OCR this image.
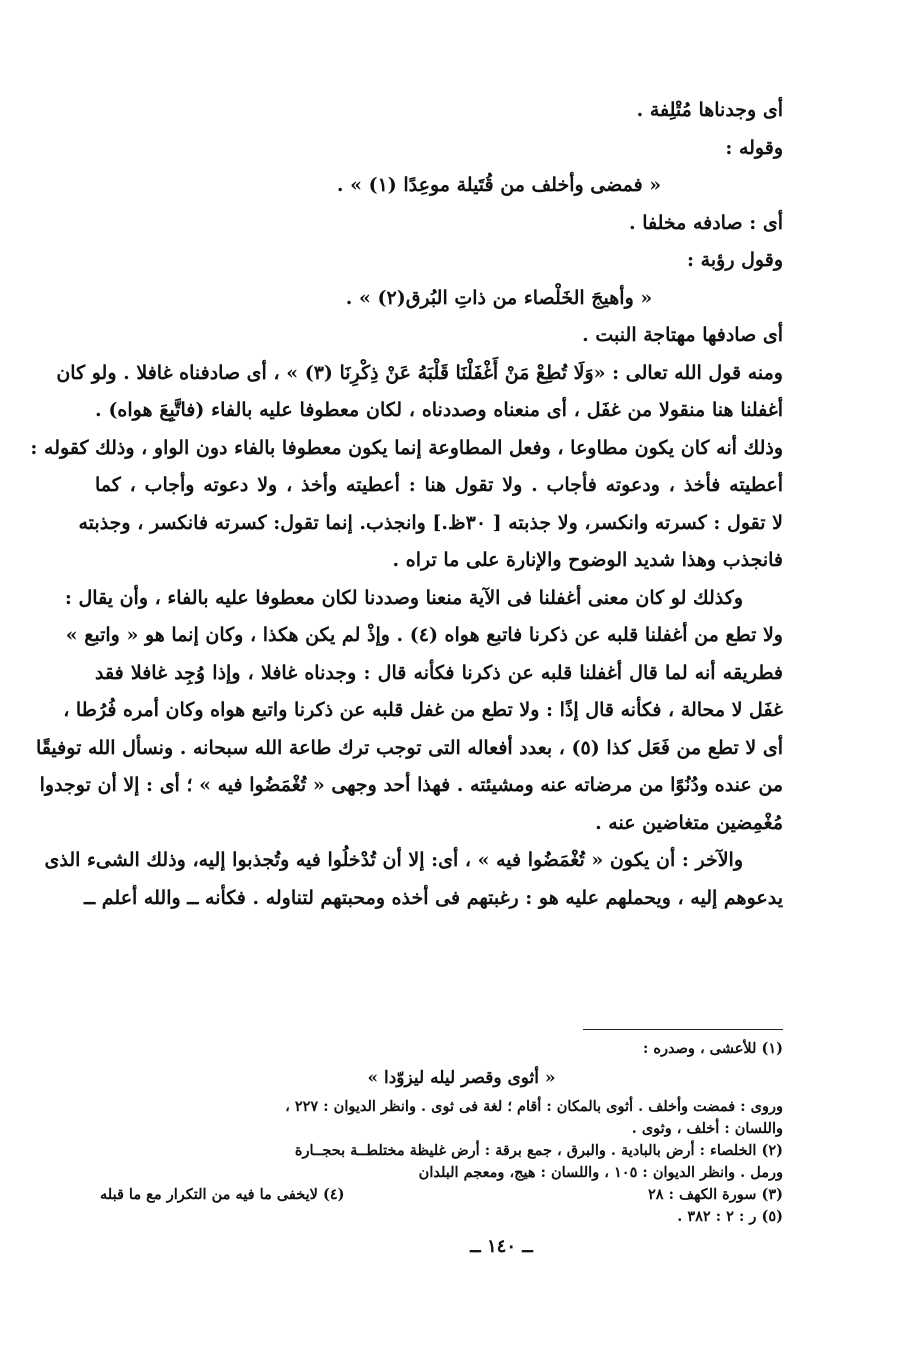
أى وجدناها مُتْلِفة .
وقوله :
« فمضى وأخلف من قُتَيلة موعِدًا (١) » .
أى : صادفه مخلفا .
وقول رؤبة :
« وأهيجَ الخَلْصاء من ذاتِ البُرق(٢) » .
أى صادفها مهتاجة النبت .
ومنه قول الله تعالى : «وَلَا تُطِعْ مَنْ أَغْفَلْنَا قَلْبَهُ عَنْ ذِكْرِنَا (٣) » ، أى صادفناه غافلا . ولو كان
أغفلنا هنا منقولا من غفَل ، أى منعناه وصددناه ، لكان معطوفا عليه بالفاء (فاتَّبِعَ هواه) .
وذلك أنه كان يكون مطاوعا ، وفعل المطاوعة إنما يكون معطوفا بالفاء دون الواو ، وذلك كقوله :
أعطيته فأخذ ، ودعوته فأجاب . ولا تقول هنا : أعطيته وأخذ ، ولا دعوته وأجاب ، كما
لا تقول : كسرته وانكسر، ولا جذبته [ ٣٠ظ.] وانجذب. إنما تقول: كسرته فانكسر ، وجذبته
فانجذب وهذا شديد الوضوح والإنارة على ما تراه .
وكذلك لو كان معنى أغفلنا فى الآية منعنا وصددنا لكان معطوفا عليه بالفاء ، وأن يقال :
ولا تطع من أغفلنا قلبه عن ذكرنا فاتبع هواه (٤) . وإذْ لم يكن هكذا ، وكان إنما هو « واتبع »
فطريقه أنه لما قال أغفلنا قلبه عن ذكرنا فكأنه قال : وجدناه غافلا ، وإذا وُجِد غافلا فقد
غفَل لا محالة ، فكأنه قال إذًا : ولا تطع من غفل قلبه عن ذكرنا واتبع هواه وكان أمره فُرُطا ،
أى لا تطع من فَعَل كذا (٥) ، بعدد أفعاله التى توجب ترك طاعة الله سبحانه . ونسأل الله توفيقًا
من عنده ودُنُوًا من مرضاته عنه ومشيئته . فهذا أحد وجهى « تُغْمَضُوا فيه » ؛ أى : إلا أن توجدوا
مُغْمِضين متغاضين عنه .
والآخر : أن يكون « تُغْمَضُوا فيه » ، أى: إلا أن تُدْخلُوا فيه وتُجذبوا إليه، وذلك الشىء الذى
يدعوهم إليه ، ويحملهم عليه هو : رغبتهم فى أخذه ومحبتهم لتناوله . فكأنه ــ والله أعلم ــ
(١) للأعشى ، وصدره :
« أثوى وقصر ليله ليزوّدا »
وروى : فمضت وأخلف . أثوى بالمكان : أقام ؛ لغة فى ثوى . وانظر الديوان : ٢٢٧ ،
واللسان : أخلف ، وثوى .
(٢) الخلصاء : أرض بالبادية . والبرق ، جمع برقة : أرض غليظة مختلطــة بحجــارة
ورمل . وانظر الديوان : ١٠٥ ، واللسان : هيج، ومعجم البلدان
(٣) سورة الكهف : ٢٨
(٤) لايخفى ما فيه من التكرار مع ما قبله
(٥) ر : ٢ : ٣٨٢ .
ــ ١٤٠ ــ
